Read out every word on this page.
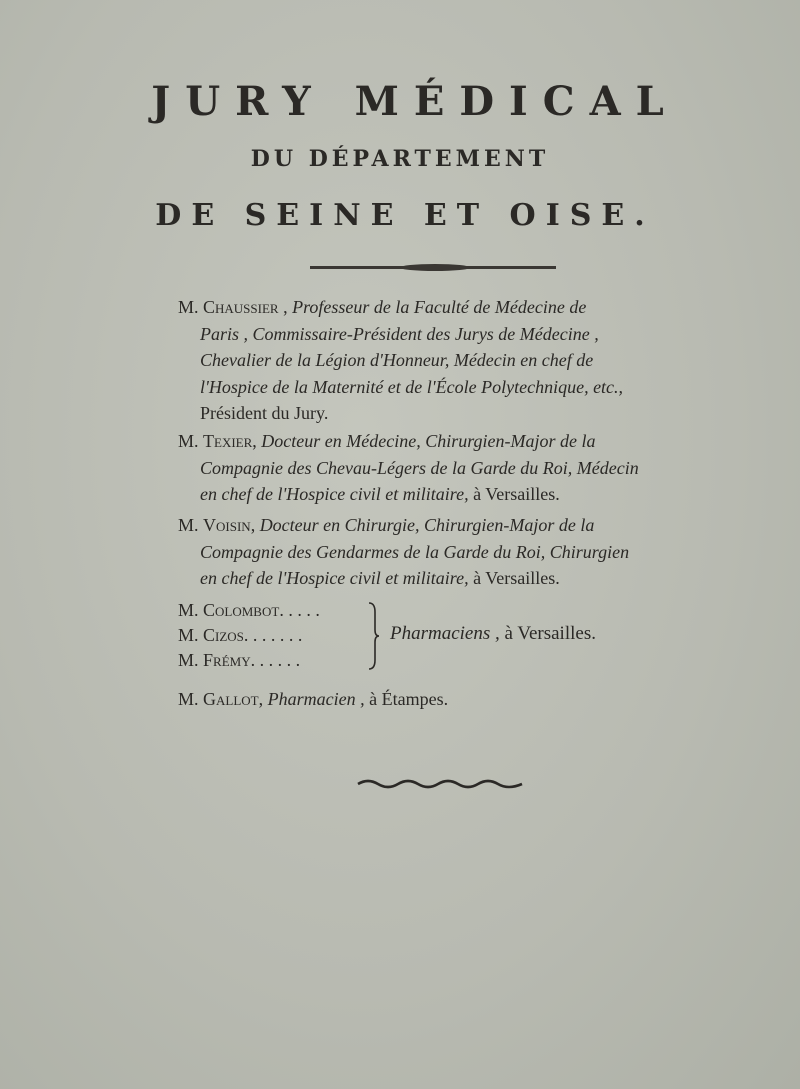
JURY MÉDICAL
DU DÉPARTEMENT
DE SEINE ET OISE.

M. Chaussier , Professeur de la Faculté de Médecine de

Paris , Commissaire-Président des Jurys de Médecine ,

Chevalier de la Légion d'Honneur, Médecin en chef de

l'Hospice de la Maternité et de l'École Polytechnique, etc.,

Président du Jury.

M. Texier, Docteur en Médecine, Chirurgien-Major de la

Compagnie des Chevau-Légers de la Garde du Roi, Médecin

en chef de l'Hospice civil et militaire, à Versailles.

M. Voisin, Docteur en Chirurgie, Chirurgien-Major de la

Compagnie des Gendarmes de la Garde du Roi, Chirurgien

en chef de l'Hospice civil et militaire, à Versailles.

M. Colombot. . . . .
M. Cizos. . . . . . .
M. Frémy. . . . . .
Pharmaciens , à Versailles.
M. Gallot, Pharmacien , à Étampes.
